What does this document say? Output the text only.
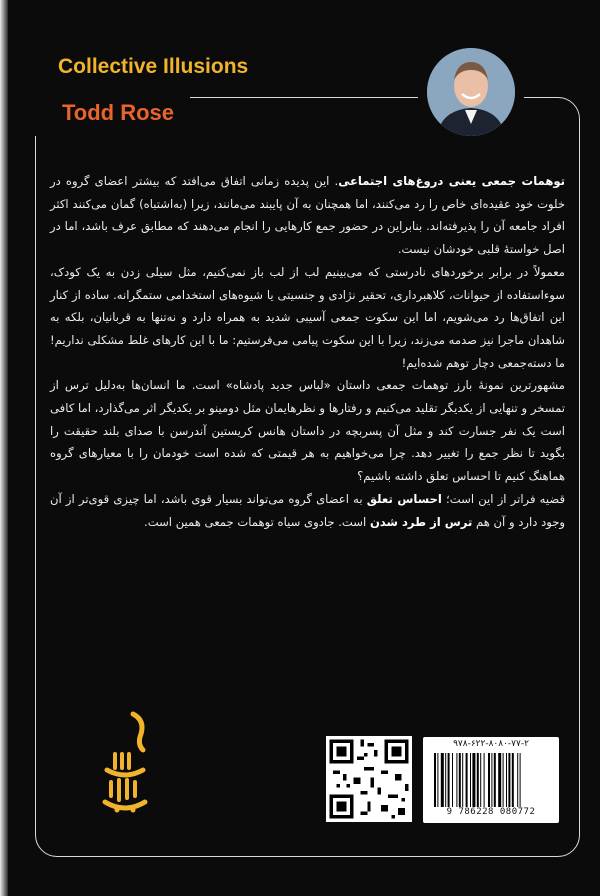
Collective Illusions
Todd Rose

توهمات جمعی یعنی دروغ‌های اجتماعی. این پدیده زمانی اتفاق می‌افتد که بیشتر اعضای گروه در خلوت خود عقیده‌ای خاص را رد می‌کنند، اما همچنان به آن پایبند می‌مانند، زیرا (به‌اشتباه) گمان می‌کنند اکثر افراد جامعه آن را پذیرفته‌اند. بنابراین در حضور جمع کارهایی را انجام می‌دهند که مطابق عرف باشد، اما در اصل خواستهٔ قلبی خودشان نیست.

معمولاً در برابر برخوردهای نادرستی که می‌بینیم لب از لب باز نمی‌کنیم، مثل سیلی زدن به یک کودک، سوءاستفاده از حیوانات، کلاهبرداری، تحقیر نژادی و جنسیتی یا شیوه‌های استخدامی ستمگرانه. ساده از کنار این اتفاق‌ها رد می‌شویم، اما این سکوت جمعی آسیبی شدید به همراه دارد و نه‌تنها به قربانیان، بلکه به شاهدان ماجرا نیز صدمه می‌زند، زیرا با این سکوت پیامی می‌فرستیم: ما با این کارهای غلط مشکلی نداریم! ما دسته‌جمعی دچار توهم شده‌ایم!

مشهورترین نمونهٔ بارز توهمات جمعی داستان «لباس جدید پادشاه» است. ما انسان‌ها به‌دلیل ترس از تمسخر و تنهایی از یکدیگر تقلید می‌کنیم و رفتارها و نظرهایمان مثل دومینو بر یکدیگر اثر می‌گذارد، اما کافی است یک نفر جسارت کند و مثل آن پسربچه در داستان هانس کریستین آندرسن با صدای بلند حقیقت را بگوید تا نظر جمع را تغییر دهد. چرا می‌خواهیم به هر قیمتی که شده است خودمان را با معیارهای گروه هماهنگ کنیم تا احساس تعلق داشته باشیم؟

قضیه فراتر از این است؛ احساس تعلق به اعضای گروه می‌تواند بسیار قوی باشد، اما چیزی قوی‌تر از آن وجود دارد و آن هم ترس از طرد شدن است. جادوی سیاه توهمات جمعی همین است.

۹۷۸-۶۲۲-۸۰۸۰-۷۷-۲
9 786228 080772
